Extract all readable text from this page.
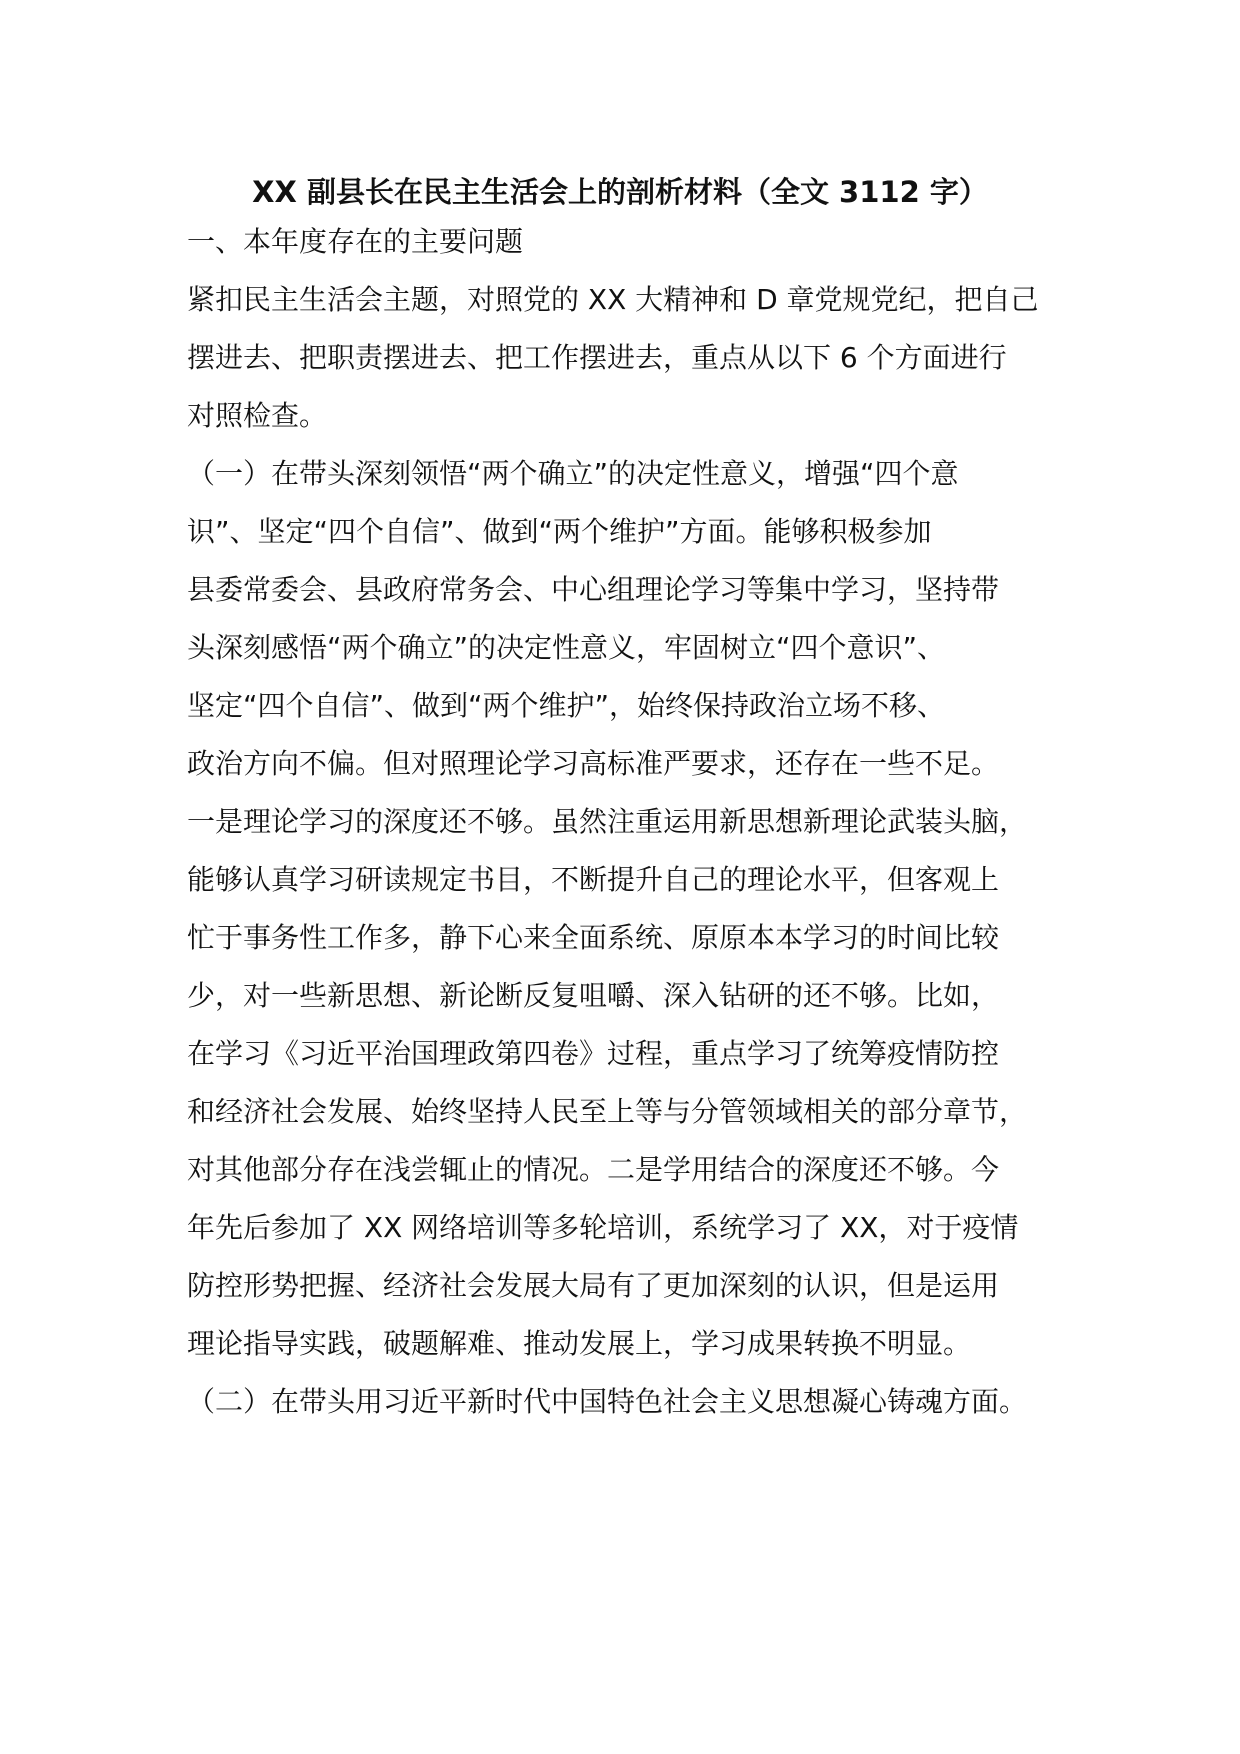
XX 副县长在民主生活会上的剖析材料（全文 3112 字）
一、本年度存在的主要问题
紧扣民主生活会主题，对照党的 XX 大精神和 D 章党规党纪，把自己
摆进去、把职责摆进去、把工作摆进去，重点从以下 6 个方面进行
对照检查。
（一）在带头深刻领悟“两个确立”的决定性意义，增强“四个意
识”、坚定“四个自信”、做到“两个维护”方面。能够积极参加
县委常委会、县政府常务会、中心组理论学习等集中学习，坚持带
头深刻感悟“两个确立”的决定性意义，牢固树立“四个意识”、
坚定“四个自信”、做到“两个维护”，始终保持政治立场不移、
政治方向不偏。但对照理论学习高标准严要求，还存在一些不足。
一是理论学习的深度还不够。虽然注重运用新思想新理论武装头脑，
能够认真学习研读规定书目，不断提升自己的理论水平，但客观上
忙于事务性工作多，静下心来全面系统、原原本本学习的时间比较
少，对一些新思想、新论断反复咀嚼、深入钻研的还不够。比如，
在学习《习近平治国理政第四卷》过程，重点学习了统筹疫情防控
和经济社会发展、始终坚持人民至上等与分管领域相关的部分章节，
对其他部分存在浅尝辄止的情况。二是学用结合的深度还不够。今
年先后参加了 XX 网络培训等多轮培训，系统学习了 XX，对于疫情
防控形势把握、经济社会发展大局有了更加深刻的认识，但是运用
理论指导实践，破题解难、推动发展上，学习成果转换不明显。
（二）在带头用习近平新时代中国特色社会主义思想凝心铸魂方面。
